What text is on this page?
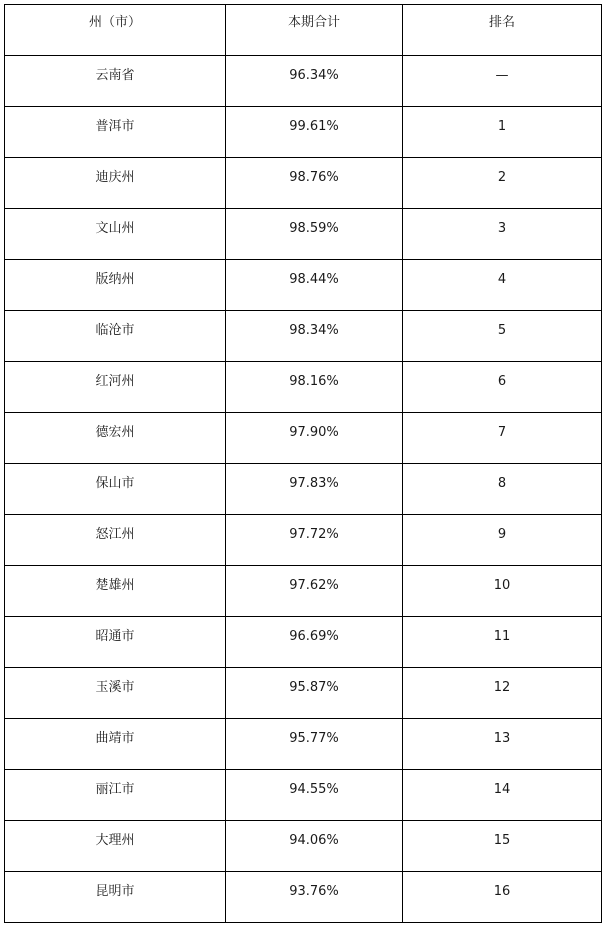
州（市）	本期合计	排名

云南省	96.34%	—

普洱市	99.61%	1

迪庆州	98.76%	2

文山州	98.59%	3

版纳州	98.44%	4

临沧市	98.34%	5

红河州	98.16%	6

德宏州	97.90%	7

保山市	97.83%	8

怒江州	97.72%	9

楚雄州	97.62%	10

昭通市	96.69%	11

玉溪市	95.87%	12

曲靖市	95.77%	13

丽江市	94.55%	14

大理州	94.06%	15

昆明市	93.76%	16
